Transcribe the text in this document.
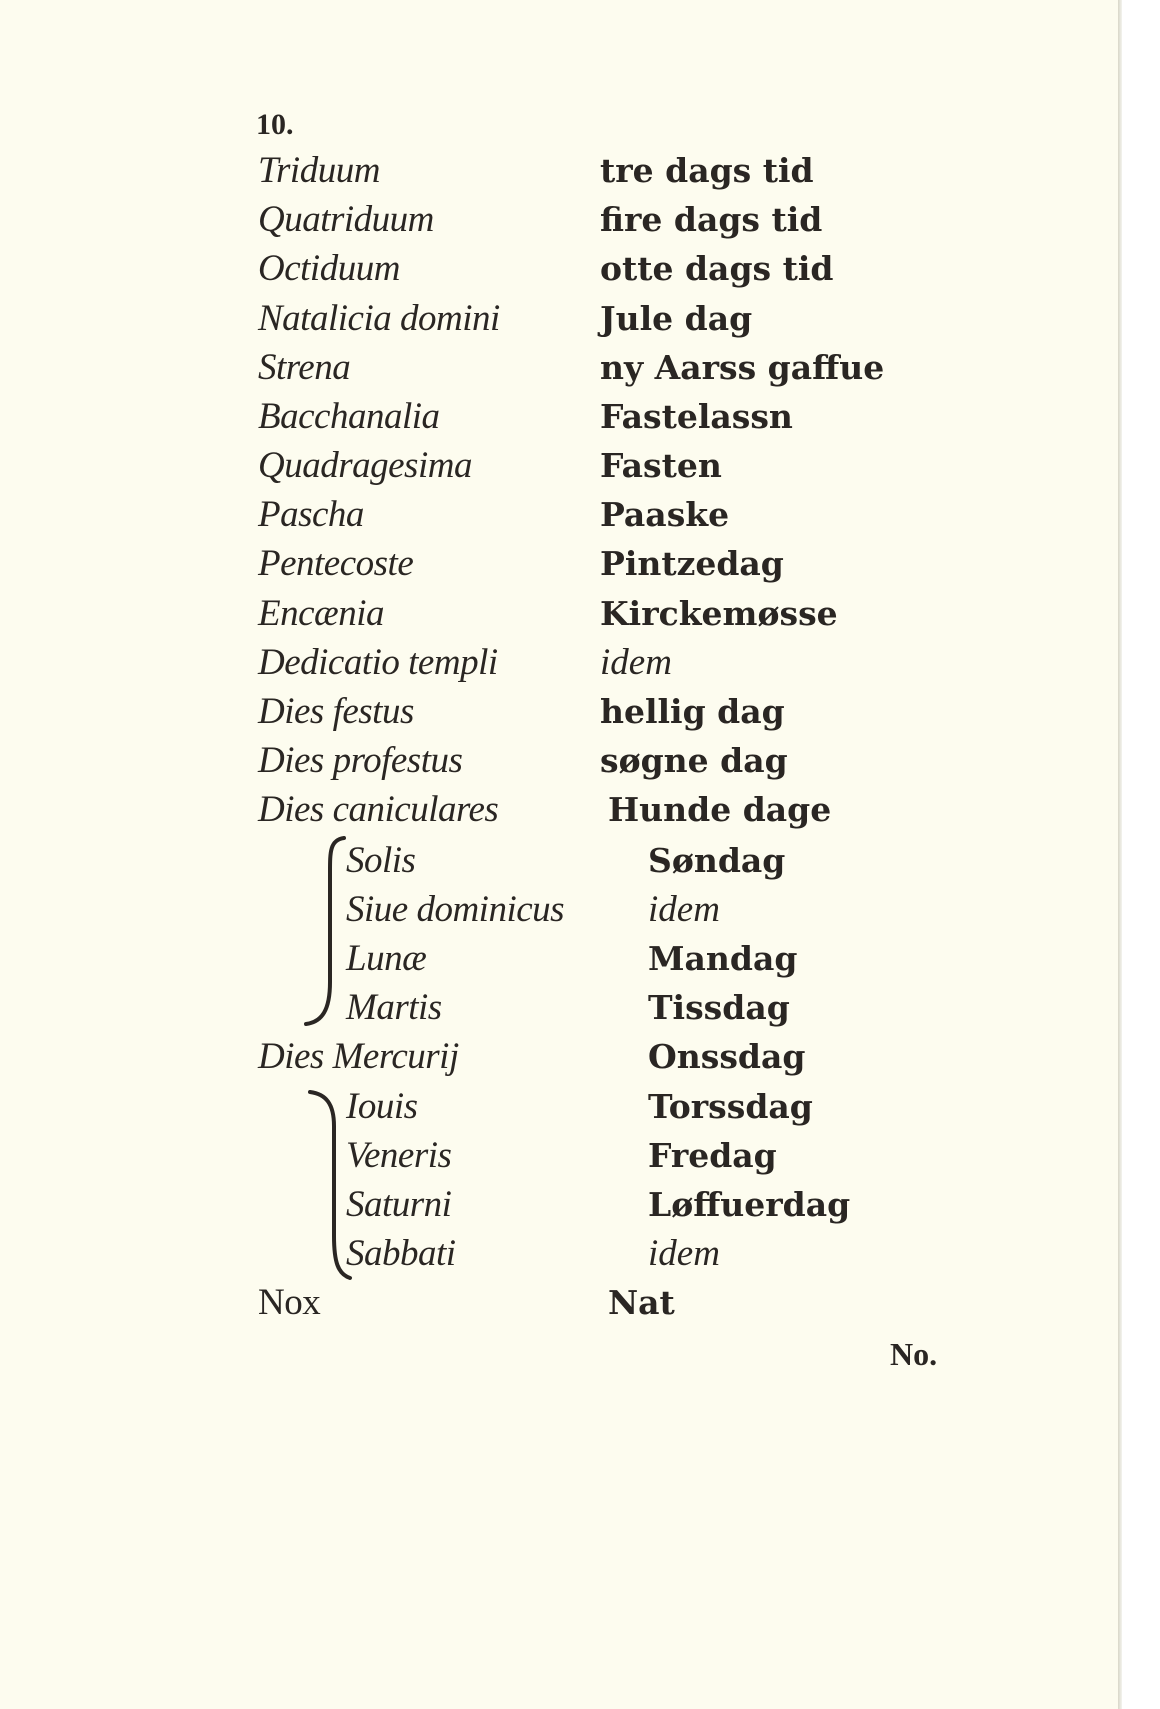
10.
Triduum	tre dags tid
Quatriduum	fire dags tid
Octiduum	otte dags tid
Natalicia domini	Jule dag
Strena	ny Aarss gaffue
Bacchanalia	Fastelassn
Quadragesima	Fasten
Pascha	Paaske
Pentecoste	Pintzedag
Encænia	Kirckemøsse
Dedicatio templi	idem
Dies festus	hellig dag
Dies profestus	søgne dag
Dies caniculares	Hunde dage
Solis	Søndag
Siue dominicus idem
Lunæ	Mandag
Martis	Tissdag
Dies Mercurij	Onssdag
Iouis	Torssdag
Veneris	Fredag
Saturni	Løffuerdag
Sabbati	idem
Nox	Nat
No.
